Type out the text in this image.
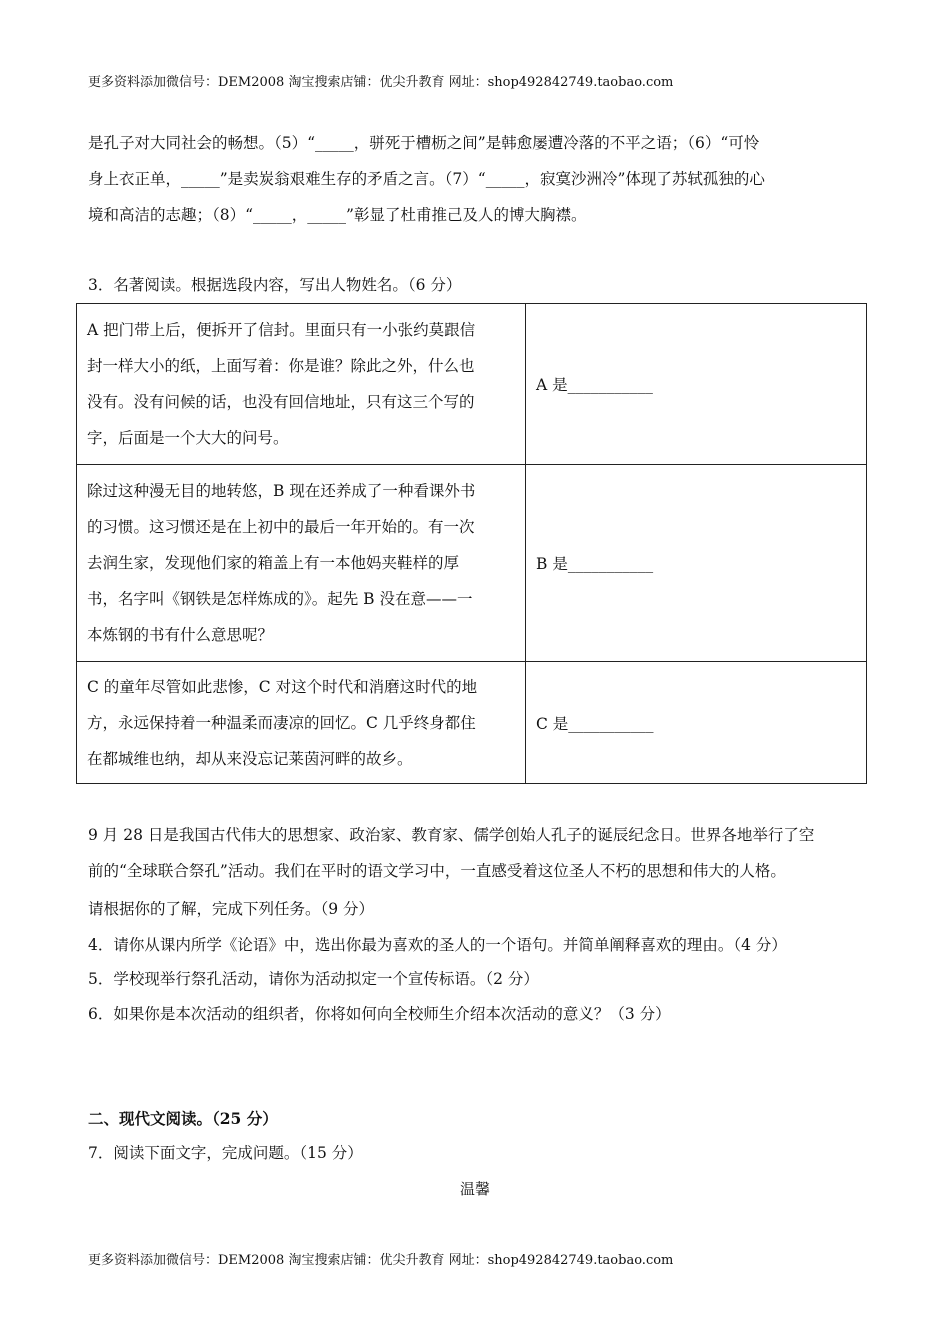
更多资料添加微信号：DEM2008 淘宝搜索店铺：优尖升教育 网址：shop492842749.taobao.com
是孔子对大同社会的畅想。（5）“_____，骈死于槽枥之间”是韩愈屡遭冷落的不平之语；（6）“可怜
身上衣正单，_____”是卖炭翁艰难生存的矛盾之言。（7）“_____，寂寞沙洲冷”体现了苏轼孤独的心
境和高洁的志趣；（8）“_____，_____”彰显了杜甫推己及人的博大胸襟。
3．名著阅读。根据选段内容，写出人物姓名。（6 分）
A 把门带上后，便拆开了信封。里面只有一小张约莫跟信
封一样大小的纸，上面写着：你是谁？除此之外，什么也
没有。没有问候的话，也没有回信地址，只有这三个写的
字，后面是一个大大的问号。	A 是___________

除过这种漫无目的地转悠，B 现在还养成了一种看课外书
的习惯。这习惯还是在上初中的最后一年开始的。有一次
去润生家，发现他们家的箱盖上有一本他妈夹鞋样的厚
书，名字叫《钢铁是怎样炼成的》。起先 B 没在意——一
本炼钢的书有什么意思呢？	B 是___________

C 的童年尽管如此悲惨，C 对这个时代和消磨这时代的地
方，永远保持着一种温柔而凄凉的回忆。C 几乎终身都住
在都城维也纳，却从来没忘记莱茵河畔的故乡。	C 是___________
9 月 28 日是我国古代伟大的思想家、政治家、教育家、儒学创始人孔子的诞辰纪念日。世界各地举行了空
前的“全球联合祭孔”活动。我们在平时的语文学习中，一直感受着这位圣人不朽的思想和伟大的人格。
请根据你的了解，完成下列任务。（9 分）
4．请你从课内所学《论语》中，选出你最为喜欢的圣人的一个语句。并简单阐释喜欢的理由。（4 分）
5．学校现举行祭孔活动，请你为活动拟定一个宣传标语。（2 分）
6．如果你是本次活动的组织者，你将如何向全校师生介绍本次活动的意义？（3 分）
二、现代文阅读。（25 分）
7．阅读下面文字，完成问题。（15 分）
温馨
更多资料添加微信号：DEM2008 淘宝搜索店铺：优尖升教育 网址：shop492842749.taobao.com
